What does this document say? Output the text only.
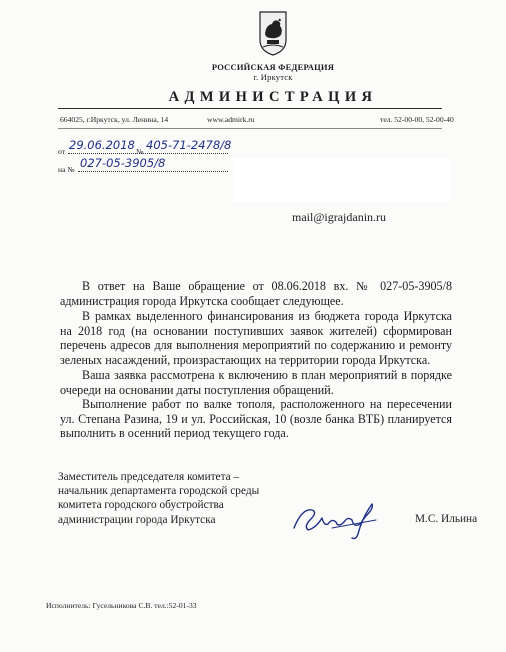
РОССИЙСКАЯ ФЕДЕРАЦИЯ
г. Иркутск
АДМИНИСТРАЦИЯ
664025, г.Иркутск, ул. Ленина, 14	www.admirk.ru	тел. 52-00-00, 52-00-40
от 29.06.2018 № 405-71-2478/8
на № 027-05-3905/8
mail@igrajdanin.ru
В ответ на Ваше обращение от 08.06.2018 вх. № 027-05-3905/8 администрация города Иркутска сообщает следующее.
В рамках выделенного финансирования из бюджета города Иркутска на 2018 год (на основании поступивших заявок жителей) сформирован перечень адресов для выполнения мероприятий по содержанию и ремонту зеленых насаждений, произрастающих на территории города Иркутска.
Ваша заявка рассмотрена к включению в план мероприятий в порядке очереди на основании даты поступления обращений.
Выполнение работ по валке тополя, расположенного на пересечении ул. Степана Разина, 19 и ул. Российская, 10 (возле банка ВТБ) планируется выполнить в осенний период текущего года.
Заместитель председателя комитета –
начальник департамента городской среды
комитета городского обустройства
администрации города Иркутска	М.С. Ильина
Исполнитель: Гусельникова С.В. тел.:52-01-33
